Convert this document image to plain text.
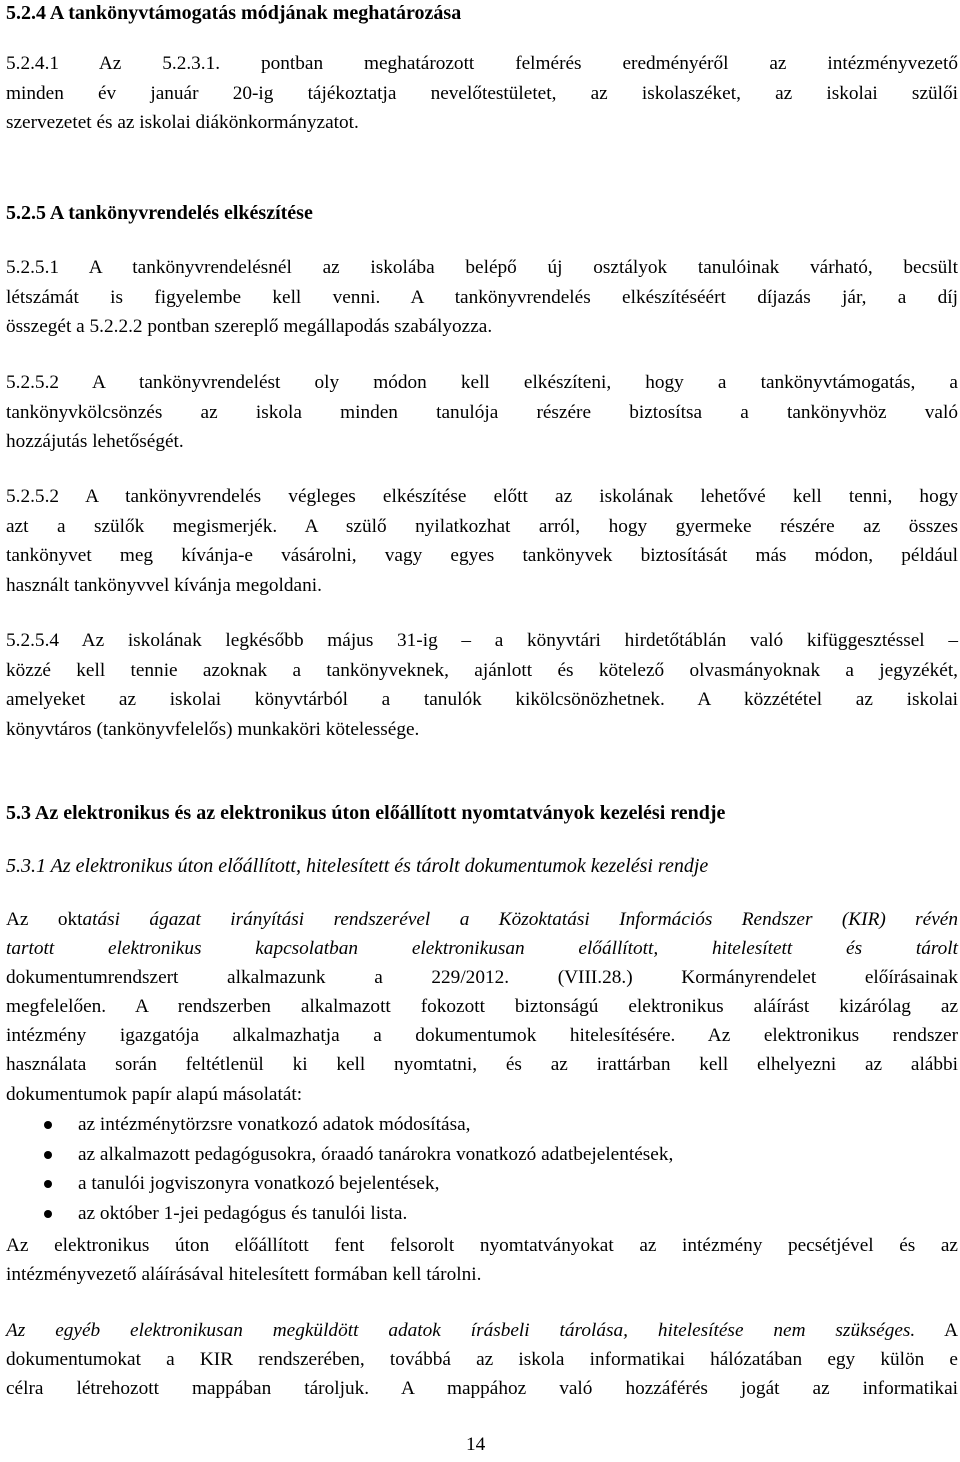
5.2.4 A tankönyvtámogatás módjának meghatározása
5.2.4.1 Az 5.2.3.1. pontban meghatározott felmérés eredményéről az intézményvezető
minden év január 20-ig tájékoztatja nevelőtestületet, az iskolaszéket, az iskolai szülői
szervezetet és az iskolai diákönkormányzatot.
5.2.5 A tankönyvrendelés elkészítése
5.2.5.1 A tankönyvrendelésnél az iskolába belépő új osztályok tanulóinak várható, becsült
létszámát is figyelembe kell venni. A tankönyvrendelés elkészítéséért díjazás jár, a díj
összegét a 5.2.2.2 pontban szereplő megállapodás szabályozza.
5.2.5.2 A tankönyvrendelést oly módon kell elkészíteni, hogy a tankönyvtámogatás, a
tankönyvkölcsönzés az iskola minden tanulója részére biztosítsa a tankönyvhöz való
hozzájutás lehetőségét.
5.2.5.2 A tankönyvrendelés végleges elkészítése előtt az iskolának lehetővé kell tenni, hogy
azt a szülők megismerjék. A szülő nyilatkozhat arról, hogy gyermeke részére az összes
tankönyvet meg kívánja-e vásárolni, vagy egyes tankönyvek biztosítását más módon, például
használt tankönyvvel kívánja megoldani.
5.2.5.4 Az iskolának legkésőbb május 31-ig – a könyvtári hirdetőtáblán való kifüggesztéssel –
közzé kell tennie azoknak a tankönyveknek, ajánlott és kötelező olvasmányoknak a jegyzékét,
amelyeket az iskolai könyvtárból a tanulók kikölcsönözhetnek. A közzététel az iskolai
könyvtáros (tankönyvfelelős) munkaköri kötelessége.
5.3 Az elektronikus és az elektronikus úton előállított nyomtatványok kezelési rendje
5.3.1 Az elektronikus úton előállított, hitelesített és tárolt dokumentumok kezelési rendje
Az oktatási ágazat irányítási rendszerével a Közoktatási Információs Rendszer (KIR) révén
tartott elektronikus kapcsolatban elektronikusan előállított, hitelesített és tárolt
dokumentumrendszert alkalmazunk a 229/2012. (VIII.28.) Kormányrendelet előírásainak
megfelelően. A rendszerben alkalmazott fokozott biztonságú elektronikus aláírást kizárólag az
intézmény igazgatója alkalmazhatja a dokumentumok hitelesítésére. Az elektronikus rendszer
használata során feltétlenül ki kell nyomtatni, és az irattárban kell elhelyezni az alábbi
dokumentumok papír alapú másolatát:
az intézménytörzsre vonatkozó adatok módosítása,
az alkalmazott pedagógusokra, óraadó tanárokra vonatkozó adatbejelentések,
a tanulói jogviszonyra vonatkozó bejelentések,
az október 1-jei pedagógus és tanulói lista.
Az elektronikus úton előállított fent felsorolt nyomtatványokat az intézmény pecsétjével és az
intézményvezető aláírásával hitelesített formában kell tárolni.
Az egyéb elektronikusan megküldött adatok írásbeli tárolása, hitelesítése nem szükséges. A
dokumentumokat a KIR rendszerében, továbbá az iskola informatikai hálózatában egy külön e
célra létrehozott mappában tároljuk. A mappához való hozzáférés jogát az informatikai
14
